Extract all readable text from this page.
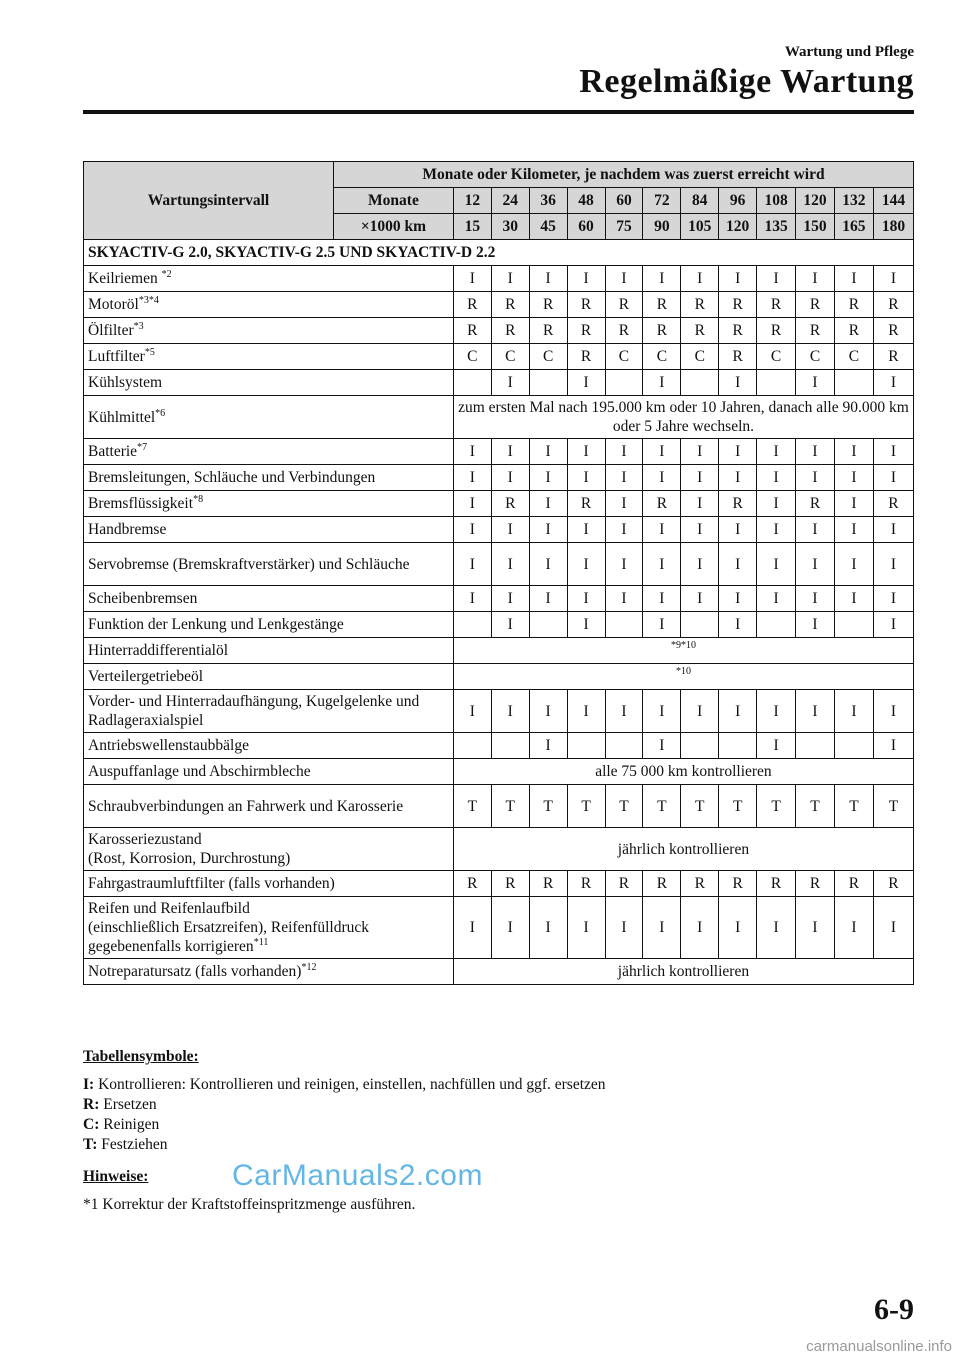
Wartung und Pflege
Regelmäßige Wartung
Wartungsintervall	Monate oder Kilometer, je nachdem was zuerst erreicht wird												
	Monate	12	24	36	48	60	72	84	96	108	120	132	144
	×1000 km	15	30	45	60	75	90	105	120	135	150	165	180
SKYACTIV-G 2.0, SKYACTIV-G 2.5 UND SKYACTIV-D 2.2													
Keilriemen $^{*2}$		I	I	I	I	I	I	I	I	I	I	I	I
Motoröl$^{*3*4}$		R	R	R	R	R	R	R	R	R	R	R	R
Ölfilter$^{*3}$		R	R	R	R	R	R	R	R	R	R	R	R
Luftfilter$^{*5}$		C	C	C	R	C	C	C	R	C	C	C	R
Kühlsystem			I		I		I		I		I		I
Kühlmittel$^{*6}$		zum ersten Mal nach 195.000 km oder 10 Jahren, danach alle 90.000 km oder 5 Jahre wechseln.											
Batterie$^{*7}$		I	I	I	I	I	I	I	I	I	I	I	I
Bremsleitungen, Schläuche und Verbindungen		I	I	I	I	I	I	I	I	I	I	I	I
Bremsflüssigkeit$^{*8}$		I	R	I	R	I	R	I	R	I	R	I	R
Handbremse		I	I	I	I	I	I	I	I	I	I	I	I
Servobremse (Bremskraftverstärker) und Schläuche		I	I	I	I	I	I	I	I	I	I	I	I
Scheibenbremsen		I	I	I	I	I	I	I	I	I	I	I	I
Funktion der Lenkung und Lenkgestänge			I		I		I		I		I		I
Hinterraddifferentialöl		*9*10											
Verteilergetriebeöl		*10											
Vorder- und Hinterradaufhängung, Kugelgelenke und Radlageraxialspiel		I	I	I	I	I	I	I	I	I	I	I	I
Antriebswellenstaubbälge				I			I			I			I
Auspuffanlage und Abschirmbleche		alle 75 000 km kontrollieren											
Schraubverbindungen an Fahrwerk und Karosserie		T	T	T	T	T	T	T	T	T	T	T	T
Karosseriezustand
(Rost, Korrosion, Durchrostung)		jährlich kontrollieren											
Fahrgastraumluftfilter (falls vorhanden)		R	R	R	R	R	R	R	R	R	R	R	R
Reifen und Reifenlaufbild
(einschließlich Ersatzreifen), Reifenfülldruck gegebenenfalls korrigieren$^{*11}$		I	I	I	I	I	I	I	I	I	I	I	I
Notreparatursatz (falls vorhanden)$^{*12}$		jährlich kontrollieren											
Tabellensymbole:
I: Kontrollieren: Kontrollieren und reinigen, einstellen, nachfüllen und ggf. ersetzen
R: Ersetzen
C: Reinigen
T: Festziehen
Hinweise:
*1 Korrektur der Kraftstoffeinspritzmenge ausführen.
CarManuals2.com
6-9
carmanualsonline.info
